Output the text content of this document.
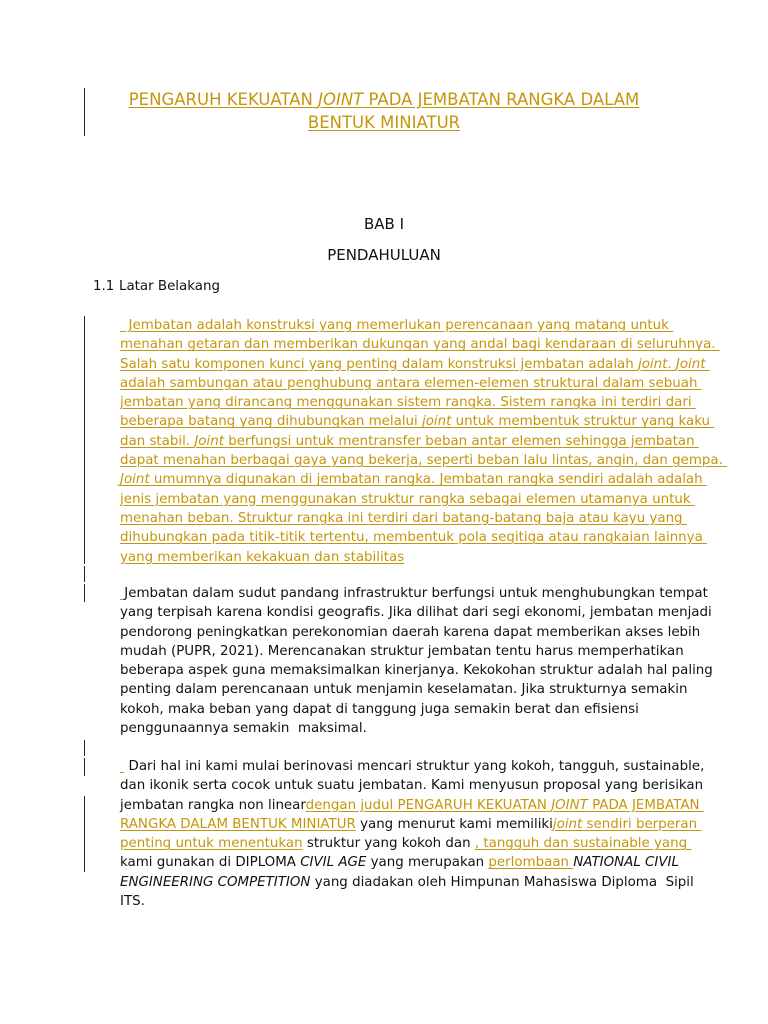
PENGARUH KEKUATAN JOINT PADA JEMBATAN RANGKA DALAM
BENTUK MINIATUR
BAB I
PENDAHULUAN
1.1 Latar Belakang
Jembatan adalah konstruksi yang memerlukan perencanaan yang matang untuk
menahan getaran dan memberikan dukungan yang andal bagi kendaraan di seluruhnya.
Salah satu komponen kunci yang penting dalam konstruksi jembatan adalah joint. Joint
adalah sambungan atau penghubung antara elemen-elemen struktural dalam sebuah
jembatan yang dirancang menggunakan sistem rangka. Sistem rangka ini terdiri dari
beberapa batang yang dihubungkan melalui joint untuk membentuk struktur yang kaku
dan stabil. Joint berfungsi untuk mentransfer beban antar elemen sehingga jembatan
dapat menahan berbagai gaya yang bekerja, seperti beban lalu lintas, angin, dan gempa.
Joint umumnya digunakan di jembatan rangka. Jembatan rangka sendiri adalah adalah
jenis jembatan yang menggunakan struktur rangka sebagai elemen utamanya untuk
menahan beban. Struktur rangka ini terdiri dari batang-batang baja atau kayu yang
dihubungkan pada titik-titik tertentu, membentuk pola segitiga atau rangkaian lainnya
yang memberikan kekakuan dan stabilitas
Jembatan dalam sudut pandang infrastruktur berfungsi untuk menghubungkan tempat
yang terpisah karena kondisi geografis. Jika dilihat dari segi ekonomi, jembatan menjadi
pendorong peningkatkan perekonomian daerah karena dapat memberikan akses lebih
mudah (PUPR, 2021). Merencanakan struktur jembatan tentu harus memperhatikan
beberapa aspek guna memaksimalkan kinerjanya. Kekokohan struktur adalah hal paling
penting dalam perencanaan untuk menjamin keselamatan. Jika strukturnya semakin
kokoh, maka beban yang dapat di tanggung juga semakin berat dan efisiensi
penggunaannya semakin  maksimal.
Dari hal ini kami mulai berinovasi mencari struktur yang kokoh, tangguh, sustainable,
dan ikonik serta cocok untuk suatu jembatan. Kami menyusun proposal yang berisikan
jembatan rangka non lineardengan judul PENGARUH KEKUATAN JOINT PADA JEMBATAN
RANGKA DALAM BENTUK MINIATUR yang menurut kami memilikijoint sendiri berperan
penting untuk menentukan struktur yang kokoh dan , tangguh dan sustainable yang
kami gunakan di DIPLOMA CIVIL AGE yang merupakan perlombaan NATIONAL CIVIL
ENGINEERING COMPETITION yang diadakan oleh Himpunan Mahasiswa Diploma  Sipil
ITS.
